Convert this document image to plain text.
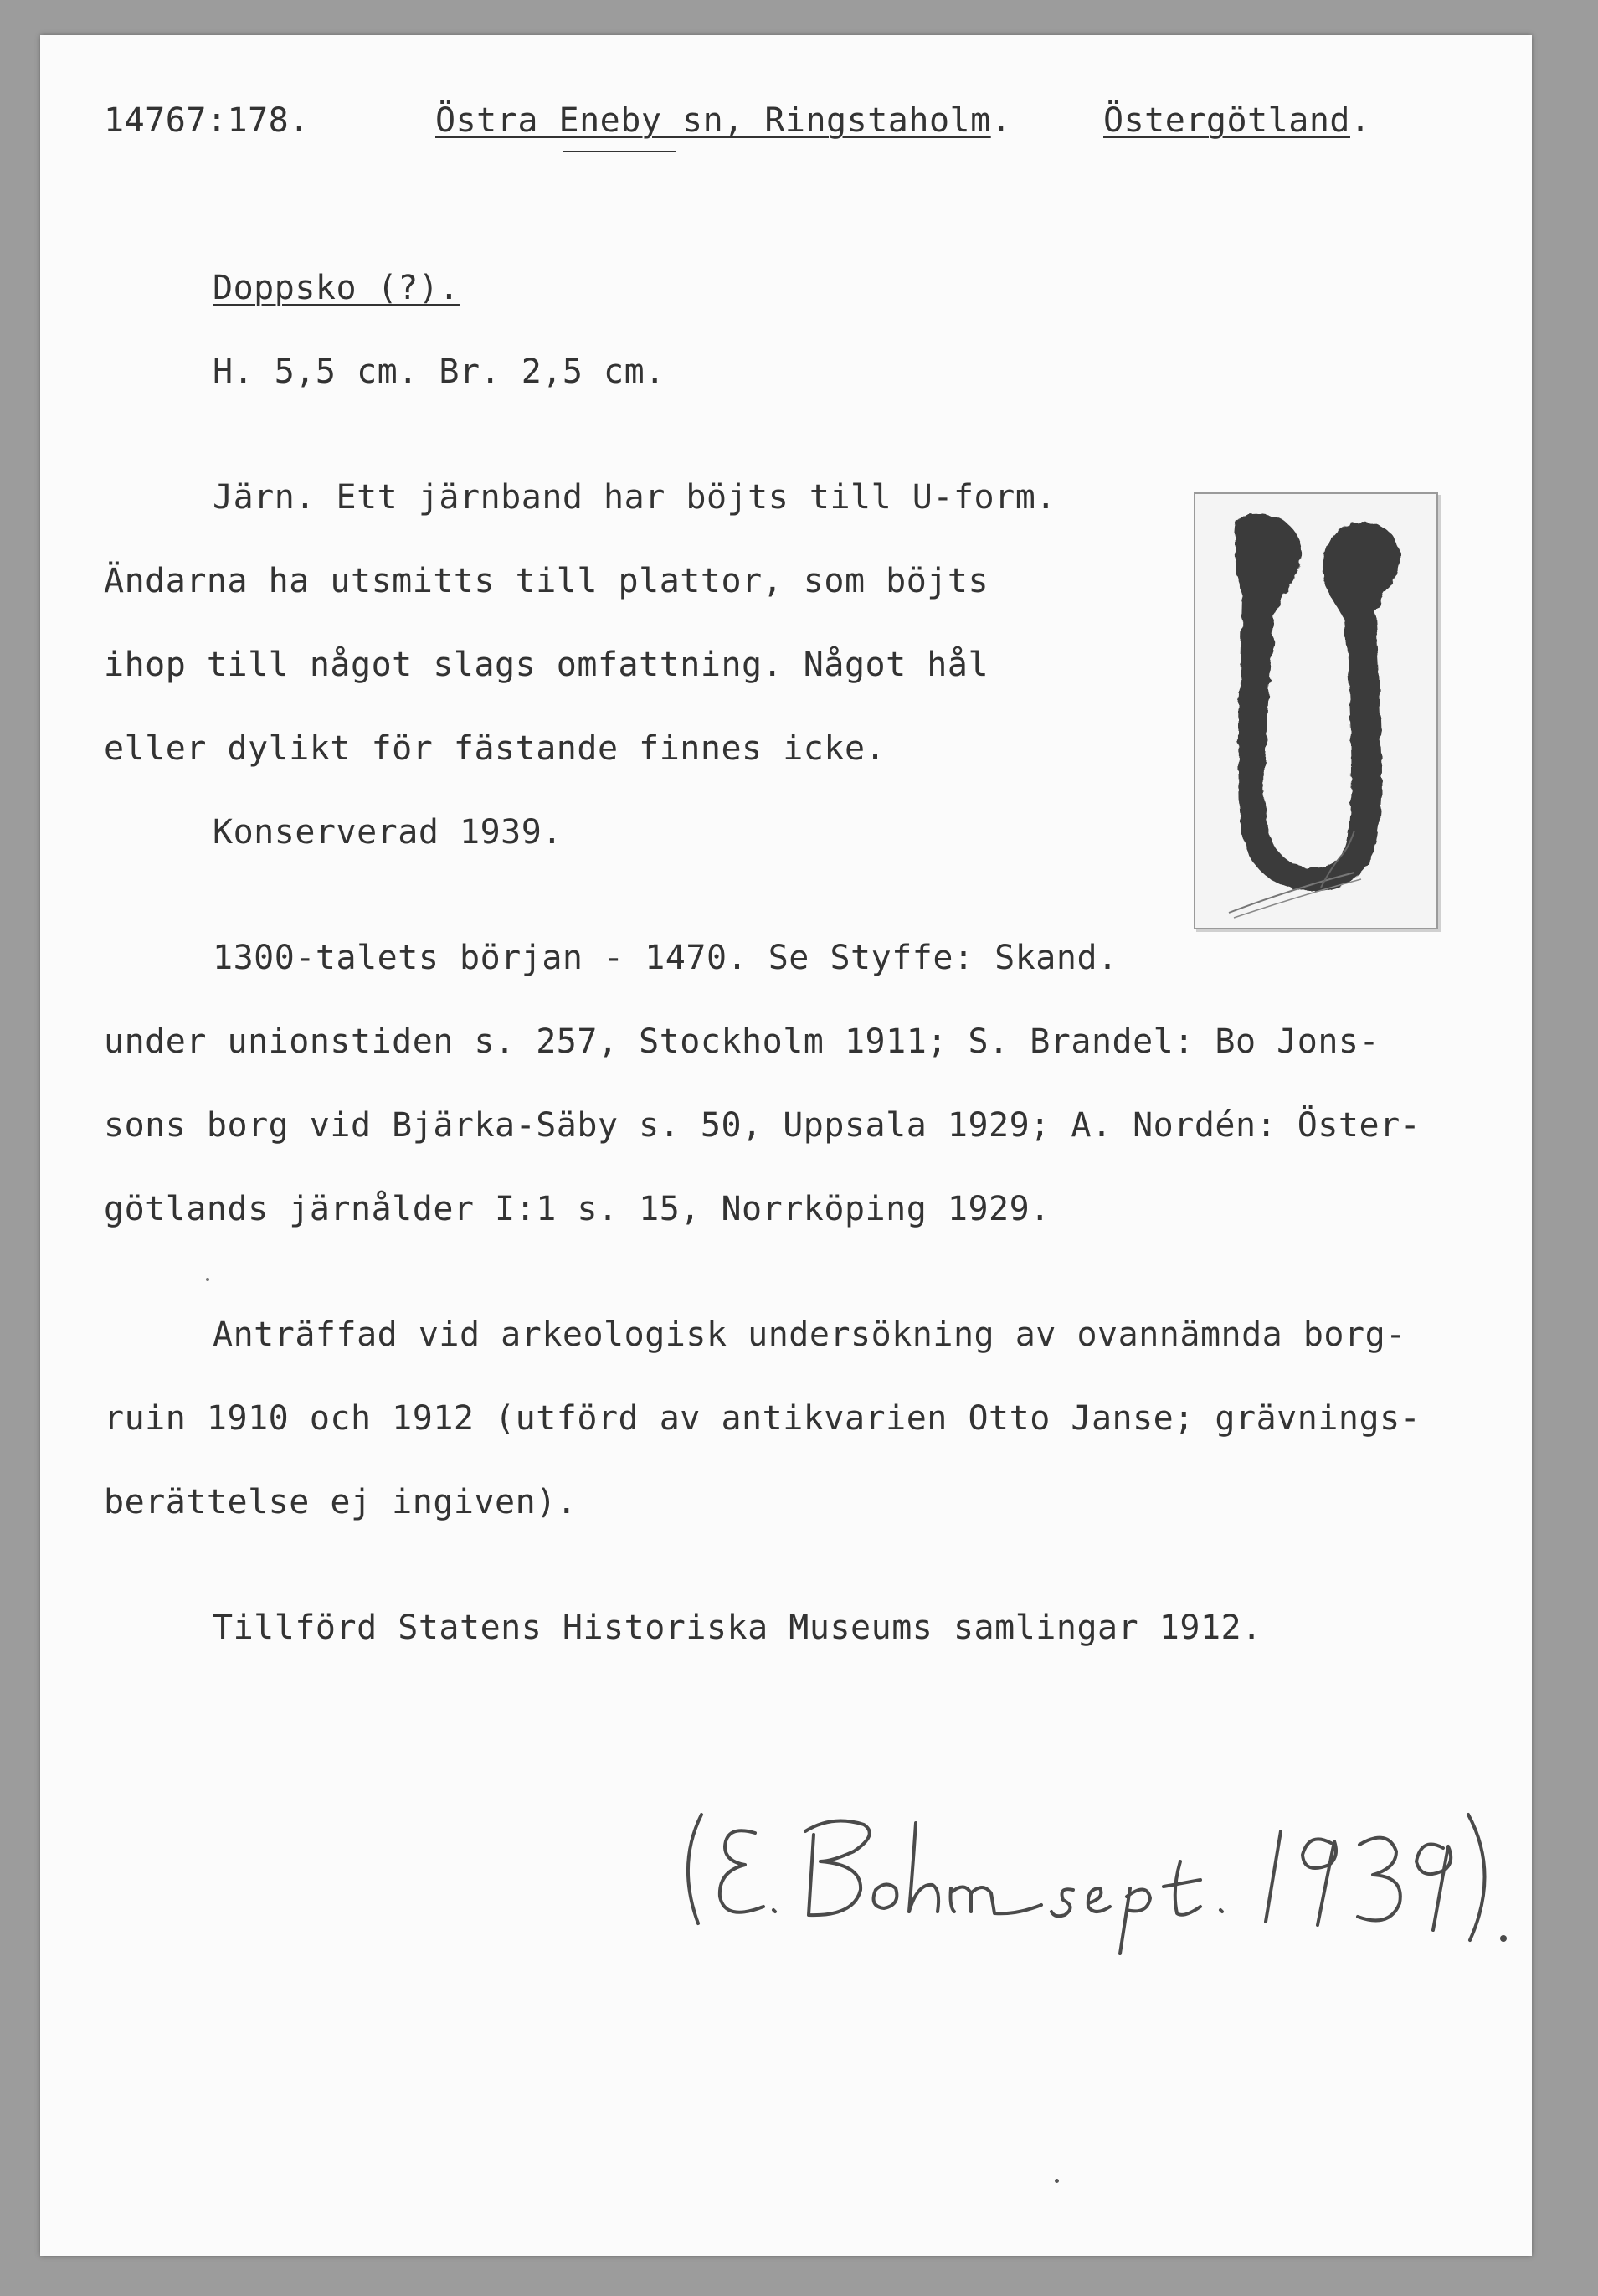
14767:178.	Östra Eneby sn, Ringstaholm.	Östergötland.
Doppsko (?).
H. 5,5 cm. Br. 2,5 cm.
Järn. Ett järnband har böjts till U-form.
Ändarna ha utsmitts till plattor, som böjts
ihop till något slags omfattning. Något hål
eller dylikt för fästande finnes icke.
Konserverad 1939.
1300-talets början - 1470. Se Styffe: Skand.
under unionstiden s. 257, Stockholm 1911; S. Brandel: Bo Jons-
sons borg vid Bjärka-Säby s. 50, Uppsala 1929; A. Nordén: Öster-
götlands järnålder I:1 s. 15, Norrköping 1929.
Anträffad vid arkeologisk undersökning av ovannämnda borg-
ruin 1910 och 1912 (utförd av antikvarien Otto Janse; grävnings-
berättelse ej ingiven).
Tillförd Statens Historiska Museums samlingar 1912.
